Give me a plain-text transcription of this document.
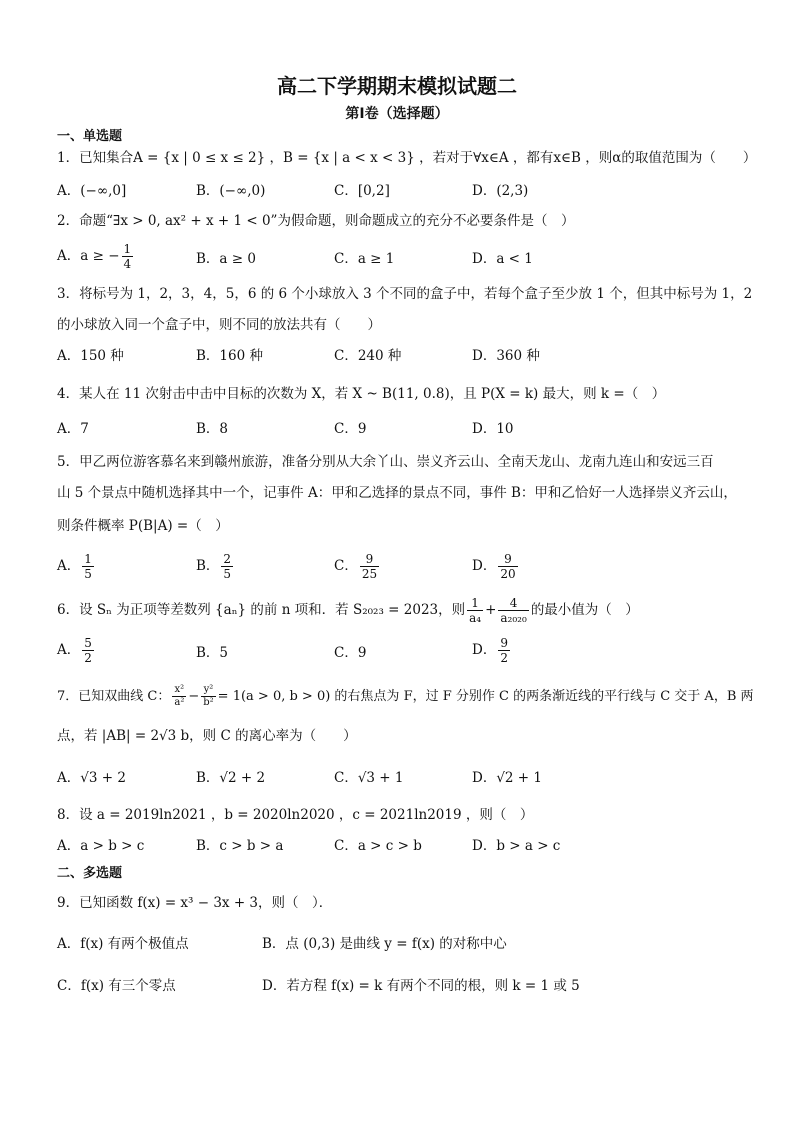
高二下学期期末模拟试题二
第I卷（选择题）
一、单选题
1．已知集合A = {x | 0 ≤ x ≤ 2} ，B = {x | a < x < 3} ，若对于∀x∈A ，都有x∈B ，则α的取值范围为（　　）
A．(−∞,0]	B．(−∞,0)	C．[0,2]	D．(2,3)
2．命题“∃x > 0, ax² + x + 1 < 0”为假命题，则命题成立的充分不必要条件是（　）
A．a ≥ − $\frac{1}{4}$	B．a ≥ 0	C．a ≥ 1	D．a < 1
3．将标号为 1，2，3，4，5，6 的 6 个小球放入 3 个不同的盒子中，若每个盒子至少放 1 个，但其中标号为 1，2
的小球放入同一个盒子中，则不同的放法共有（　　）
A．150 种	B．160 种	C．240 种	D．360 种
4．某人在 11 次射击中击中目标的次数为 X，若 X ~ B(11, 0.8)，且 P(X = k) 最大，则 k =（　）
A．7	B．8	C．9	D．10
5．甲乙两位游客慕名来到赣州旅游，准备分别从大余丫山、崇义齐云山、全南天龙山、龙南九连山和安远三百
山 5 个景点中随机选择其中一个，记事件 A：甲和乙选择的景点不同，事件 B：甲和乙恰好一人选择崇义齐云山，
则条件概率 P(B|A) =（　）
A． $\frac{1}{5}$	B． $\frac{2}{5}$	C． $\frac{9}{25}$	D． $\frac{9}{20}$
6．设 Sₙ 为正项等差数列 {aₙ} 的前 n 项和．若 S₂₀₂₃ = 2023，则 $\frac{1}{\text{a₄}} + \frac{4}{\text{a₂₀₂₀}}$ 的最小值为（　）
A． $\frac{5}{2}$	B．5	C．9	D． $\frac{9}{2}$
7．已知双曲线 C： $\frac{\text{x²}}{\text{a²}} - \frac{\text{y²}}{\text{b²}} = 1(a > 0$, b > 0) 的右焦点为 F，过 F 分别作 C 的两条渐近线的平行线与 C 交于 A，B 两
点，若 |AB| = 2√3 b，则 C 的离心率为（　　）
A．√3 + 2	B．√2 + 2	C．√3 + 1	D．√2 + 1
8．设 a = 2019ln2021 ，b = 2020ln2020 ，c = 2021ln2019 ，则（　）
A．a > b > c	B．c > b > a	C．a > c > b	D．b > a > c
二、多选题
9．已知函数 f(x) = x³ − 3x + 3，则（　）．
A．f(x) 有两个极值点	B．点 (0,3) 是曲线 y = f(x) 的对称中心
C．f(x) 有三个零点	D．若方程 f(x) = k 有两个不同的根，则 k = 1 或 5
